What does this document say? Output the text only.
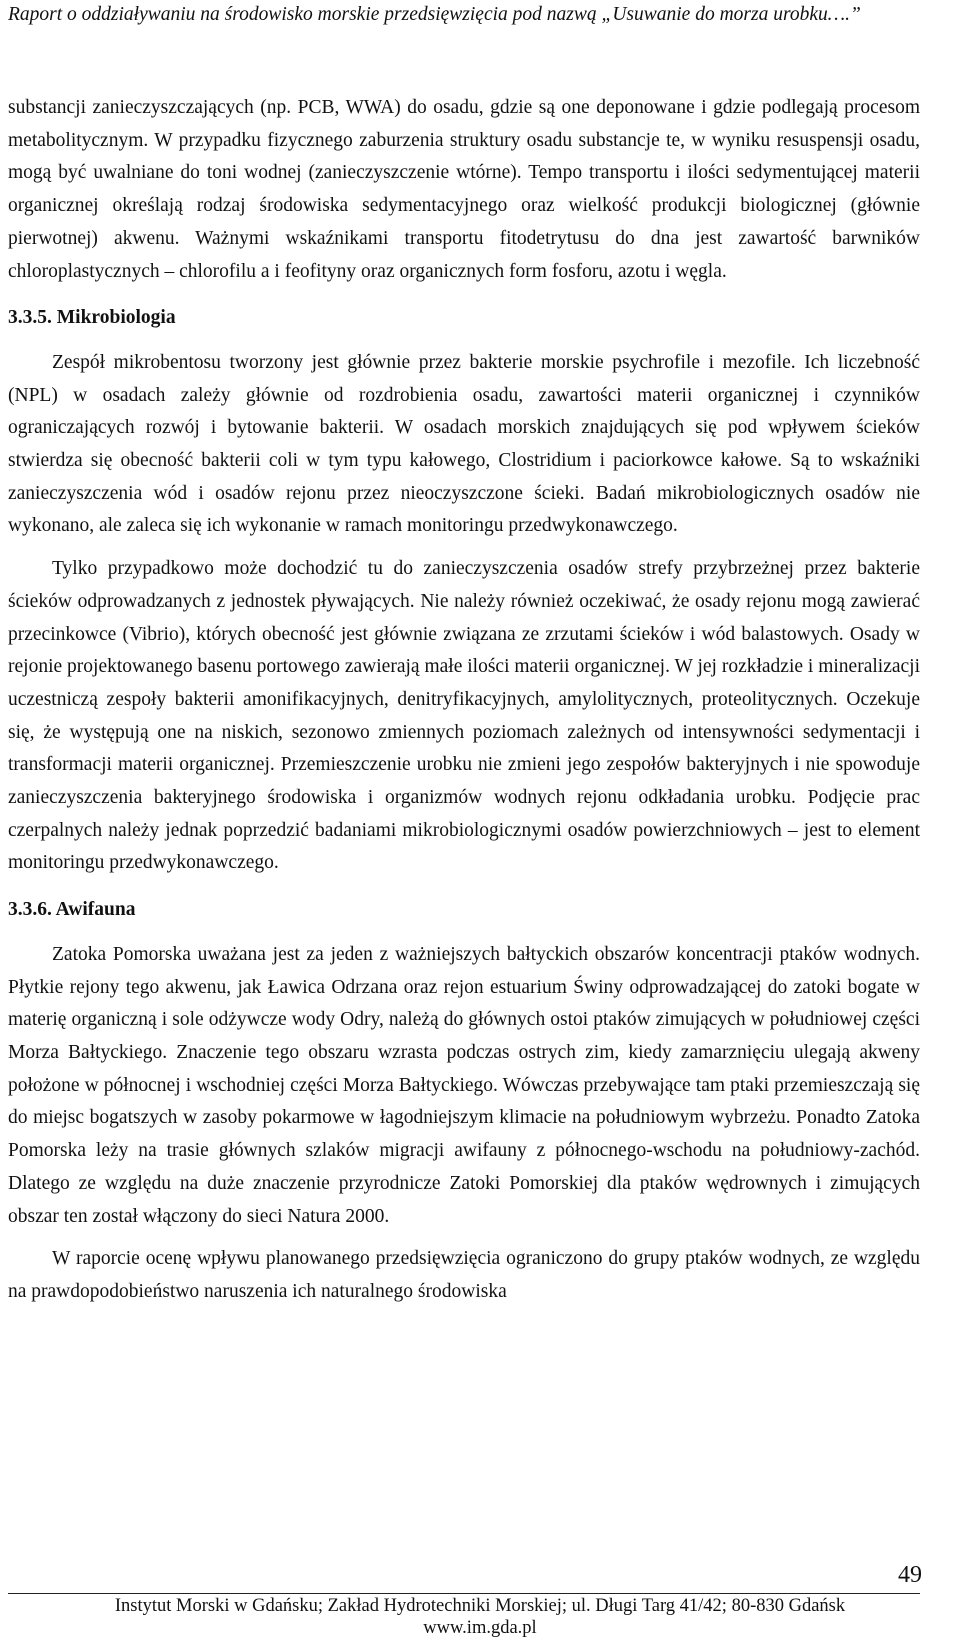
Raport o oddziaływaniu na środowisko morskie przedsięwzięcia pod nazwą „Usuwanie do morza urobku….”

substancji zanieczyszczających (np. PCB, WWA) do osadu, gdzie są one deponowane i gdzie podlegają procesom metabolitycznym. W przypadku fizycznego zaburzenia struktury osadu substancje te, w wyniku resuspensji osadu, mogą być uwalniane do toni wodnej (zanieczyszczenie wtórne). Tempo transportu i ilości sedymentującej materii organicznej określają rodzaj środowiska sedymentacyjnego oraz wielkość produkcji biologicznej (głównie pierwotnej) akwenu. Ważnymi wskaźnikami transportu fitodetrytusu do dna jest zawartość barwników chloroplastycznych – chlorofilu a i feofityny oraz organicznych form fosforu, azotu i węgla.

3.3.5. Mikrobiologia

Zespół mikrobentosu tworzony jest głównie przez bakterie morskie psychrofile i mezofile. Ich liczebność (NPL) w osadach zależy głównie od rozdrobienia osadu, zawartości materii organicznej i czynników ograniczających rozwój i bytowanie bakterii. W osadach morskich znajdujących się pod wpływem ścieków stwierdza się obecność bakterii coli w tym typu kałowego, Clostridium i paciorkowce kałowe. Są to wskaźniki zanieczyszczenia wód i osadów rejonu przez nieoczyszczone ścieki. Badań mikrobiologicznych osadów nie wykonano, ale zaleca się ich wykonanie w ramach monitoringu przedwykonawczego.

Tylko przypadkowo może dochodzić tu do zanieczyszczenia osadów strefy przybrzeżnej przez bakterie ścieków odprowadzanych z jednostek pływających. Nie należy również oczekiwać, że osady rejonu mogą zawierać przecinkowce (Vibrio), których obecność jest głównie związana ze zrzutami ścieków i wód balastowych. Osady w rejonie projektowanego basenu portowego zawierają małe ilości materii organicznej. W jej rozkładzie i mineralizacji uczestniczą zespoły bakterii amonifikacyjnych, denitryfikacyjnych, amylolitycznych, proteolitycznych. Oczekuje się, że występują one na niskich, sezonowo zmiennych poziomach zależnych od intensywności sedymentacji i transformacji materii organicznej. Przemieszczenie urobku nie zmieni jego zespołów bakteryjnych i nie spowoduje zanieczyszczenia bakteryjnego środowiska i organizmów wodnych rejonu odkładania urobku. Podjęcie prac czerpalnych należy jednak poprzedzić badaniami mikrobiologicznymi osadów powierzchniowych – jest to element monitoringu przedwykonawczego.

3.3.6. Awifauna

Zatoka Pomorska uważana jest za jeden z ważniejszych bałtyckich obszarów koncentracji ptaków wodnych. Płytkie rejony tego akwenu, jak Ławica Odrzana oraz rejon estuarium Świny odprowadzającej do zatoki bogate w materię organiczną i sole odżywcze wody Odry, należą do głównych ostoi ptaków zimujących w południowej części Morza Bałtyckiego. Znaczenie tego obszaru wzrasta podczas ostrych zim, kiedy zamarznięciu ulegają akweny położone w północnej i wschodniej części Morza Bałtyckiego. Wówczas przebywające tam ptaki przemieszczają się do miejsc bogatszych w zasoby pokarmowe w łagodniejszym klimacie na południowym wybrzeżu. Ponadto Zatoka Pomorska leży na trasie głównych szlaków migracji awifauny z północnego-wschodu na południowy-zachód. Dlatego ze względu na duże znaczenie przyrodnicze Zatoki Pomorskiej dla ptaków wędrownych i zimujących obszar ten został włączony do sieci Natura 2000.

W raporcie ocenę wpływu planowanego przedsięwzięcia ograniczono do grupy ptaków wodnych, ze względu na prawdopodobieństwo naruszenia ich naturalnego środowiska

49
Instytut Morski w Gdańsku; Zakład Hydrotechniki Morskiej; ul. Długi Targ 41/42; 80-830 Gdańsk
www.im.gda.pl
